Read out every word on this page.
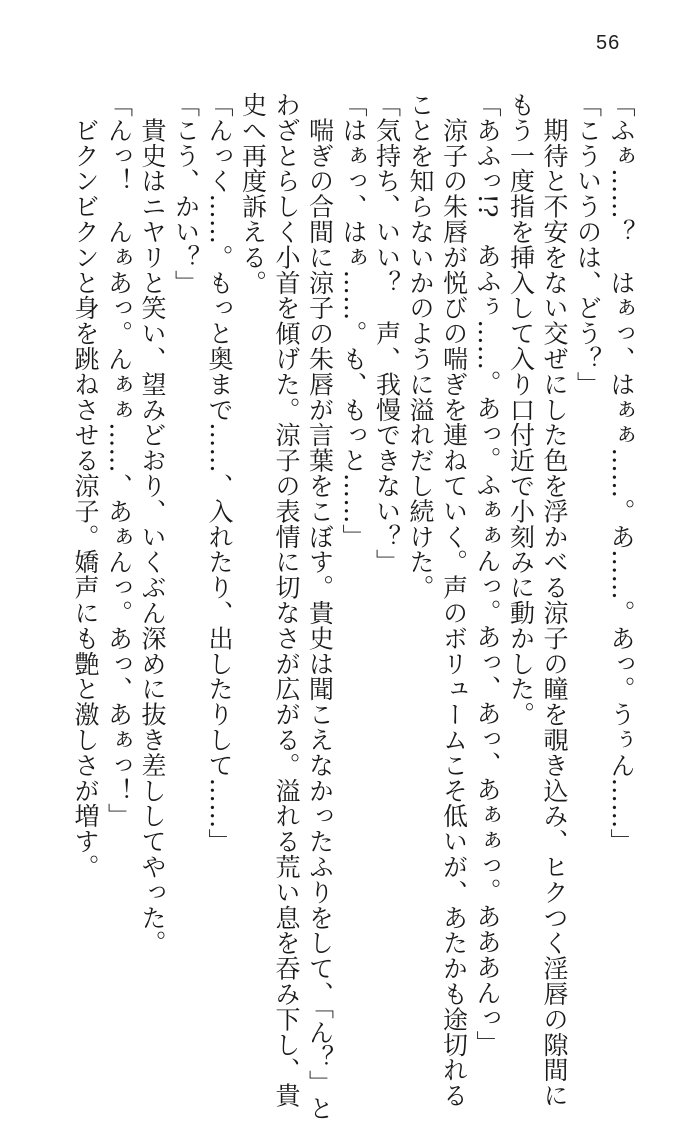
56

「ふぁ……？　はぁっ、はぁぁ……。あ……。あっ。うぅん……」

「こういうのは、どう？」

　期待と不安をない交ぜにした色を浮かべる涼子の瞳を覗き込み、ヒクつく淫唇の隙間に

もう一度指を挿入して入り口付近で小刻みに動かした。

「あふっ!?　あふぅ……。あっ。ふぁぁんっ。あっ、あっ、あぁぁっ。あああんっ」

　涼子の朱唇が悦びの喘ぎを連ねていく。声のボリュームこそ低いが、あたかも途切れる

ことを知らないかのように溢れだし続けた。

「気持ち、いい？　声、我慢できない？」

「はぁっ、はぁ……。も、もっと……」

　喘ぎの合間に涼子の朱唇が言葉をこぼす。貴史は聞こえなかったふりをして、「ん？」と

わざとらしく小首を傾げた。涼子の表情に切なさが広がる。溢れる荒い息を吞み下し、貴

史へ再度訴える。

「んっく……。もっと奥まで……、入れたり、出したりして……」

「こう、かい？」

　貴史はニヤリと笑い、望みどおり、いくぶん深めに抜き差ししてやった。

「んっ！　んぁあっ。んぁぁ……、あぁんっ。あっ、あぁっ！」

　ビクンビクンと身を跳ねさせる涼子。嬌声にも艶と激しさが増す。
